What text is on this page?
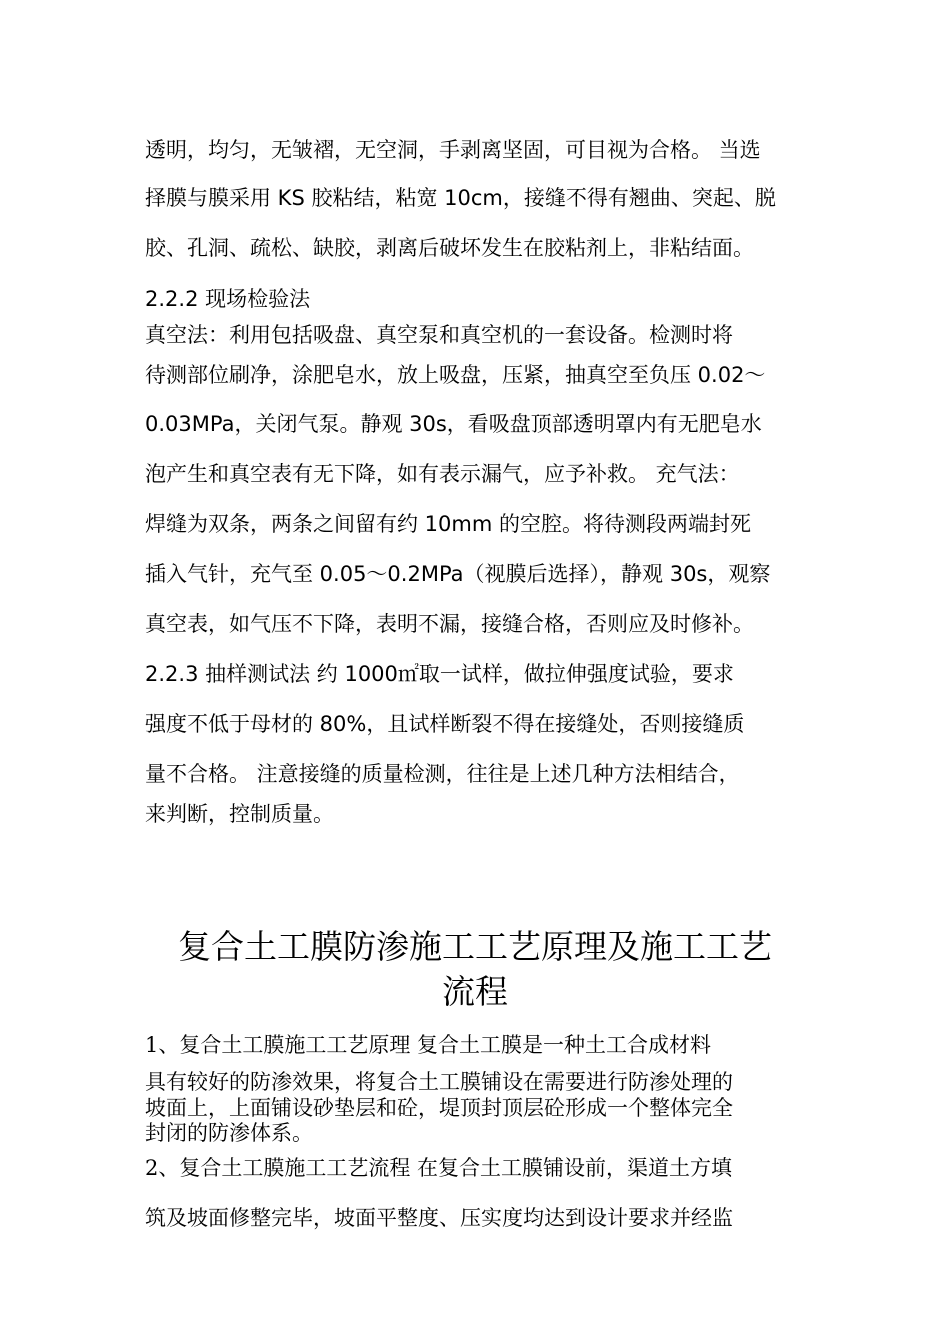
透明，均匀，无皱褶，无空洞，手剥离坚固，可目视为合格。 当选
择膜与膜采用 KS 胶粘结，粘宽 10cm，接缝不得有翘曲、突起、脱
胶、孔洞、疏松、缺胶，剥离后破坏发生在胶粘剂上，非粘结面。
2.2.2 现场检验法
真空法：利用包括吸盘、真空泵和真空机的一套设备。检测时将
待测部位刷净，涂肥皂水，放上吸盘，压紧，抽真空至负压 0.02～
0.03MPa，关闭气泵。静观 30s，看吸盘顶部透明罩内有无肥皂水
泡产生和真空表有无下降，如有表示漏气，应予补救。 充气法：
焊缝为双条，两条之间留有约 10mm 的空腔。将待测段两端封死
插入气针，充气至 0.05～0.2MPa（视膜后选择），静观 30s，观察
真空表，如气压不下降，表明不漏，接缝合格，否则应及时修补。
2.2.3 抽样测试法 约 1000㎡取一试样，做拉伸强度试验，要求
强度不低于母材的 80%，且试样断裂不得在接缝处，否则接缝质
量不合格。 注意接缝的质量检测，往往是上述几种方法相结合，
来判断，控制质量。
复合土工膜防渗施工工艺原理及施工工艺
流程
1、复合土工膜施工工艺原理 复合土工膜是一种土工合成材料
具有较好的防渗效果，将复合土工膜铺设在需要进行防渗处理的
坡面上，上面铺设砂垫层和砼，堤顶封顶层砼形成一个整体完全
封闭的防渗体系。
2、复合土工膜施工工艺流程 在复合土工膜铺设前，渠道土方填
筑及坡面修整完毕，坡面平整度、压实度均达到设计要求并经监
